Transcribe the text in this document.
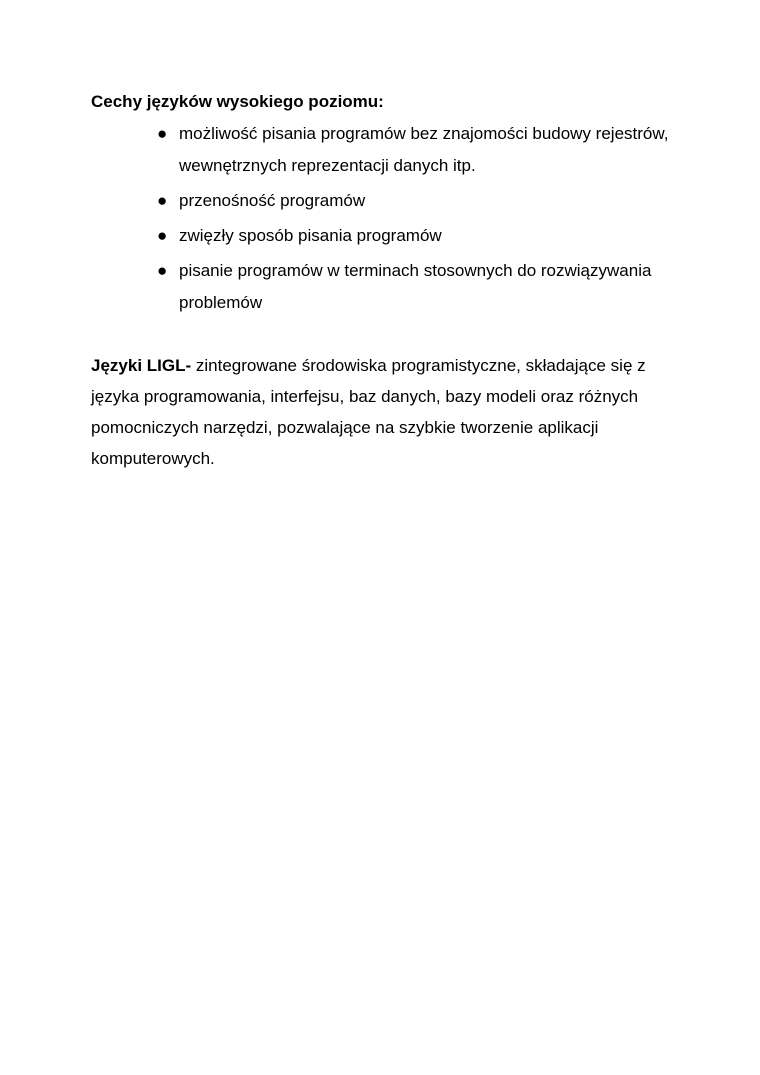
Cechy języków wysokiego poziomu:

● możliwość pisania programów bez znajomości budowy rejestrów, wewnętrznych reprezentacji danych itp.
● przenośność programów
● zwięzły sposób pisania programów
● pisanie programów w terminach stosownych do rozwiązywania problemów

Języki LIGL- zintegrowane środowiska programistyczne, składające się z języka programowania, interfejsu, baz danych, bazy modeli oraz różnych pomocniczych narzędzi, pozwalające na szybkie tworzenie aplikacji komputerowych.
